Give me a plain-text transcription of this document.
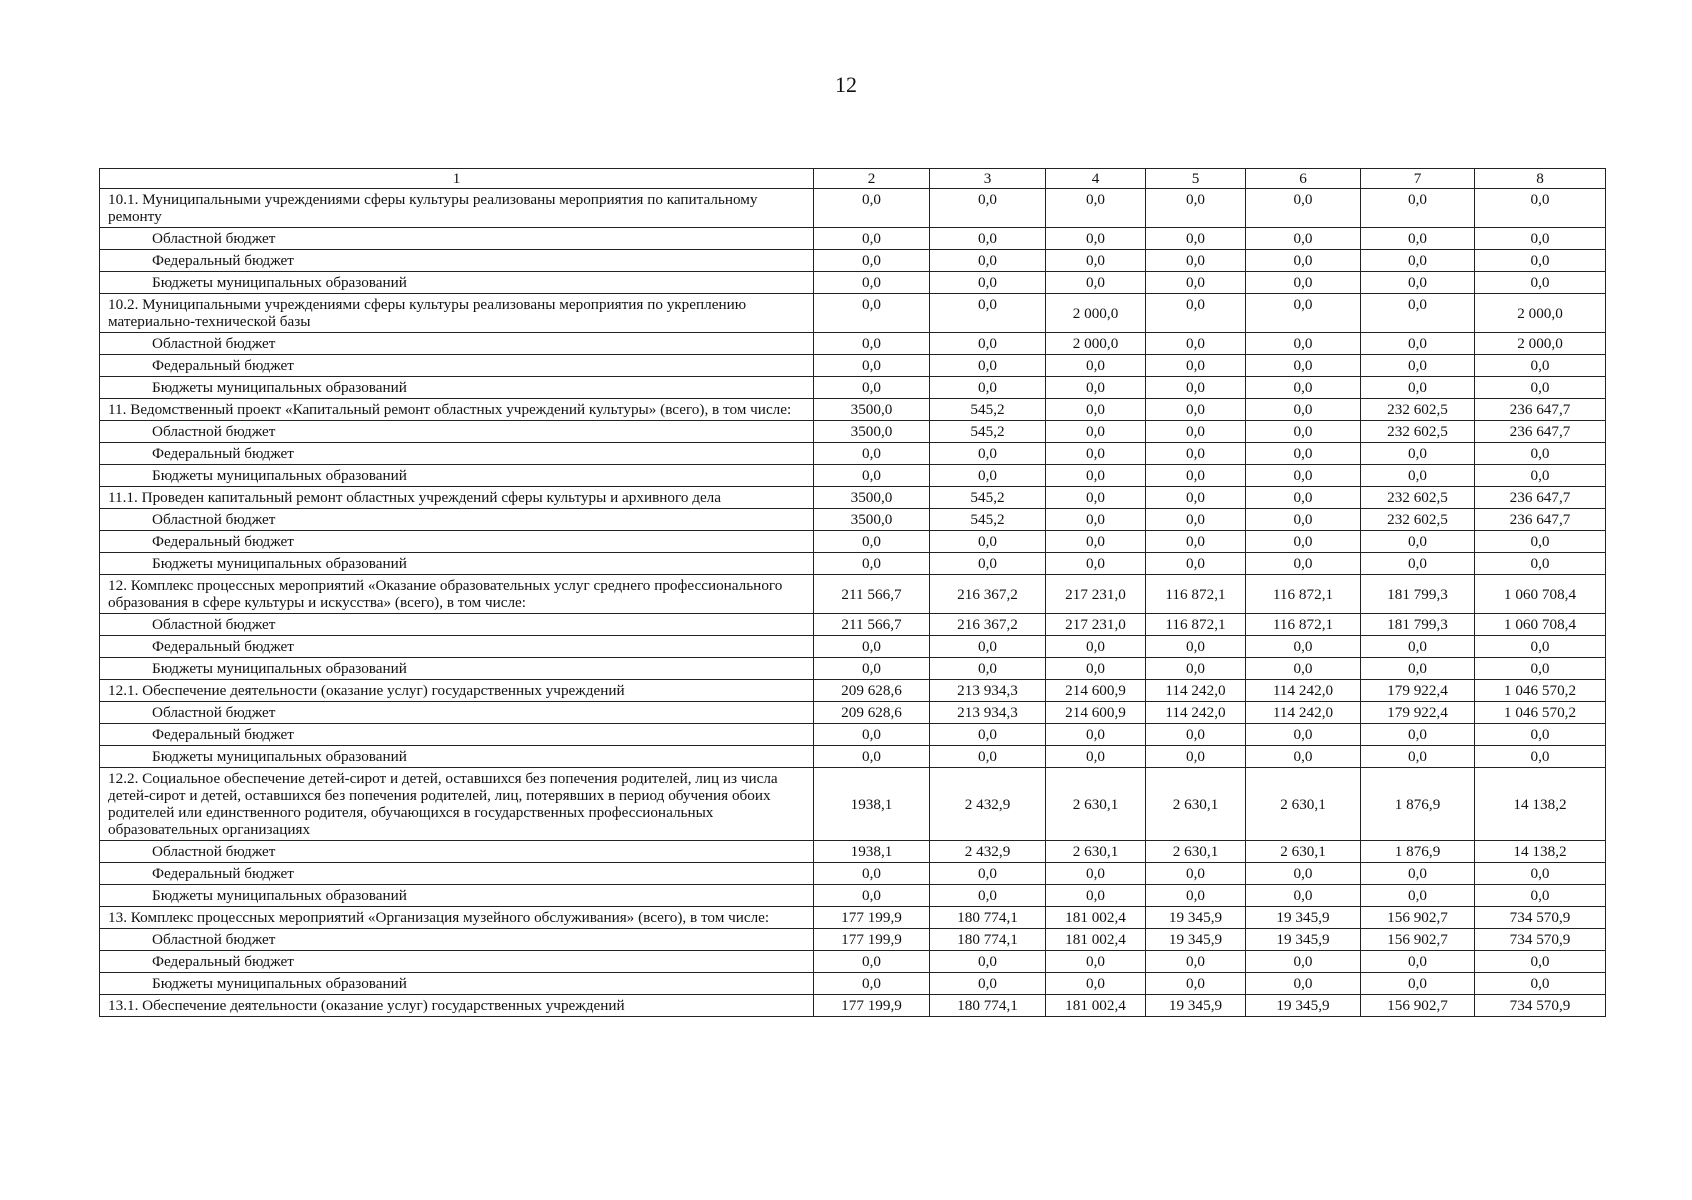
12
1	2	3	4	5	6	7	8
10.1. Муниципальными учреждениями сферы культуры реализованы мероприятия по капитальному ремонту	0,0	0,0	0,0	0,0	0,0	0,0	0,0
Областной бюджет	0,0	0,0	0,0	0,0	0,0	0,0	0,0
Федеральный бюджет	0,0	0,0	0,0	0,0	0,0	0,0	0,0
Бюджеты муниципальных образований	0,0	0,0	0,0	0,0	0,0	0,0	0,0
10.2. Муниципальными учреждениями сферы культуры реализованы мероприятия по укреплению материально-технической базы	0,0	0,0	2 000,0	0,0	0,0	0,0	2 000,0
Областной бюджет	0,0	0,0	2 000,0	0,0	0,0	0,0	2 000,0
Федеральный бюджет	0,0	0,0	0,0	0,0	0,0	0,0	0,0
Бюджеты муниципальных образований	0,0	0,0	0,0	0,0	0,0	0,0	0,0
11. Ведомственный проект «Капитальный ремонт областных учреждений культуры» (всего), в том числе:	3500,0	545,2	0,0	0,0	0,0	232 602,5	236 647,7
Областной бюджет	3500,0	545,2	0,0	0,0	0,0	232 602,5	236 647,7
Федеральный бюджет	0,0	0,0	0,0	0,0	0,0	0,0	0,0
Бюджеты муниципальных образований	0,0	0,0	0,0	0,0	0,0	0,0	0,0
11.1. Проведен капитальный ремонт областных учреждений сферы культуры и архивного дела	3500,0	545,2	0,0	0,0	0,0	232 602,5	236 647,7
Областной бюджет	3500,0	545,2	0,0	0,0	0,0	232 602,5	236 647,7
Федеральный бюджет	0,0	0,0	0,0	0,0	0,0	0,0	0,0
Бюджеты муниципальных образований	0,0	0,0	0,0	0,0	0,0	0,0	0,0
12. Комплекс процессных мероприятий «Оказание образовательных услуг среднего профессионального образования в сфере культуры и искусства» (всего), в том числе:	211 566,7	216 367,2	217 231,0	116 872,1	116 872,1	181 799,3	1 060 708,4
Областной бюджет	211 566,7	216 367,2	217 231,0	116 872,1	116 872,1	181 799,3	1 060 708,4
Федеральный бюджет	0,0	0,0	0,0	0,0	0,0	0,0	0,0
Бюджеты муниципальных образований	0,0	0,0	0,0	0,0	0,0	0,0	0,0
12.1. Обеспечение деятельности (оказание услуг) государственных учреждений	209 628,6	213 934,3	214 600,9	114 242,0	114 242,0	179 922,4	1 046 570,2
Областной бюджет	209 628,6	213 934,3	214 600,9	114 242,0	114 242,0	179 922,4	1 046 570,2
Федеральный бюджет	0,0	0,0	0,0	0,0	0,0	0,0	0,0
Бюджеты муниципальных образований	0,0	0,0	0,0	0,0	0,0	0,0	0,0
12.2. Социальное обеспечение детей-сирот и детей, оставшихся без попечения родителей, лиц из числа детей-сирот и детей, оставшихся без попечения родителей, лиц, потерявших в период обучения обоих родителей или единственного родителя, обучающихся в государственных профессиональных образовательных организациях	1938,1	2 432,9	2 630,1	2 630,1	2 630,1	1 876,9	14 138,2
Областной бюджет	1938,1	2 432,9	2 630,1	2 630,1	2 630,1	1 876,9	14 138,2
Федеральный бюджет	0,0	0,0	0,0	0,0	0,0	0,0	0,0
Бюджеты муниципальных образований	0,0	0,0	0,0	0,0	0,0	0,0	0,0
13. Комплекс процессных мероприятий «Организация музейного обслуживания» (всего), в том числе:	177 199,9	180 774,1	181 002,4	19 345,9	19 345,9	156 902,7	734 570,9
Областной бюджет	177 199,9	180 774,1	181 002,4	19 345,9	19 345,9	156 902,7	734 570,9
Федеральный бюджет	0,0	0,0	0,0	0,0	0,0	0,0	0,0
Бюджеты муниципальных образований	0,0	0,0	0,0	0,0	0,0	0,0	0,0
13.1. Обеспечение деятельности (оказание услуг) государственных учреждений	177 199,9	180 774,1	181 002,4	19 345,9	19 345,9	156 902,7	734 570,9
